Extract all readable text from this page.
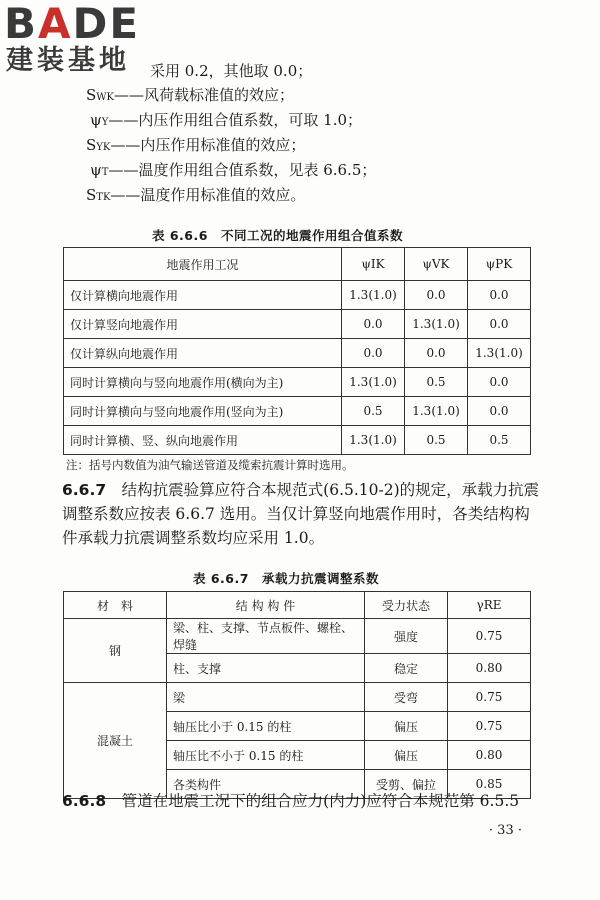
BADE
建装基地	采用 0.2，其他取 0.0；
S WK ——风荷载标准值的效应；
ψ Y ——内压作用组合值系数，可取 1.0；
S YK ——内压作用标准值的效应；
ψ T ——温度作用组合值系数，见表 6.6.5；
S TK ——温度作用标准值的效应。
表 6.6.6　不同工况的地震作用组合值系数
地震作用工况	ψIK	ψVK	ψPK
仅计算横向地震作用	1.3(1.0)	0.0	0.0
仅计算竖向地震作用	0.0	1.3(1.0)	0.0
仅计算纵向地震作用	0.0	0.0	1.3(1.0)
同时计算横向与竖向地震作用(横向为主)	1.3(1.0)	0.5	0.0
同时计算横向与竖向地震作用(竖向为主)	0.5	1.3(1.0)	0.0
同时计算横、竖、纵向地震作用	1.3(1.0)	0.5	0.5
注：括号内数值为油气输送管道及缆索抗震计算时选用。
6.6.7　 结构抗震验算应符合本规范式(6.5.10-2)的规定，承载力抗震调整系数应按表 6.6.7 选用。当仅计算竖向地震作用时，各类结构构件承载力抗震调整系数均应采用 1.0。
表 6.6.7　承载力抗震调整系数
材　料	结 构 构 件	受力状态	γRE
钢	梁、柱、支撑、节点板件、螺栓、焊缝	强度	0.75
	柱、支撑	稳定	0.80
混凝土	梁	受弯	0.75
	轴压比小于 0.15 的柱	偏压	0.75
	轴压比不小于 0.15 的柱	偏压	0.80
	各类构件	受剪、偏拉	0.85
6.6.8　 管道在地震工况下的组合应力(内力)应符合本规范第 6.5.5
· 33 ·
